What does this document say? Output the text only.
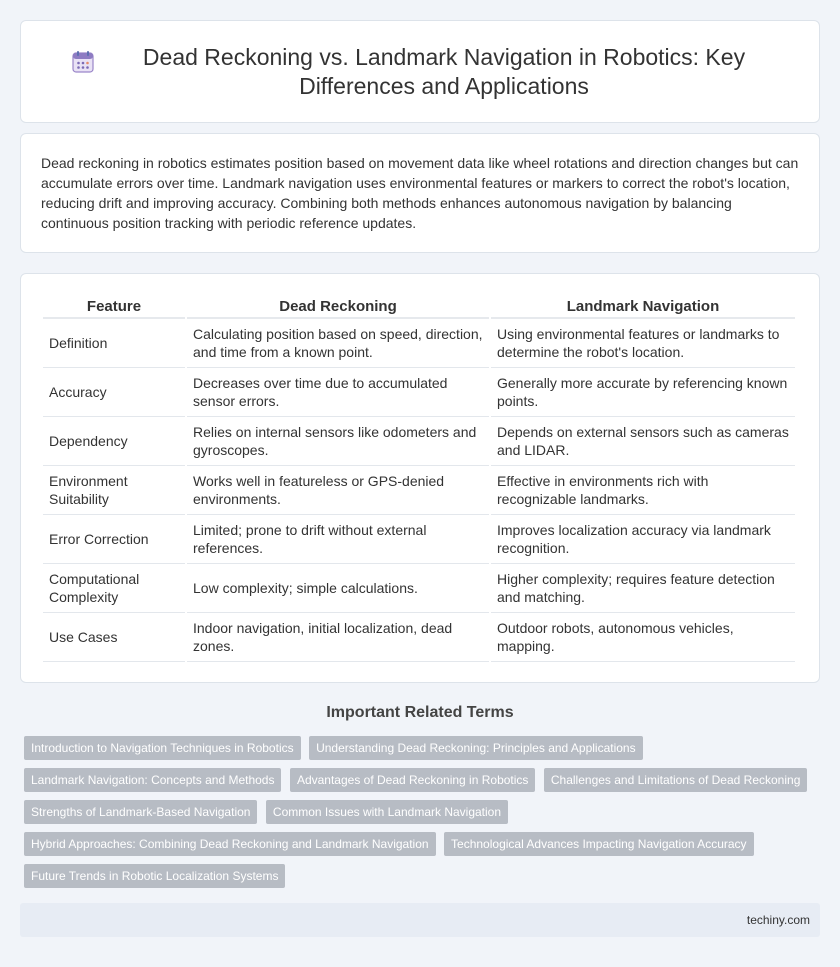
Dead Reckoning vs. Landmark Navigation in Robotics: Key Differences and Applications

Dead reckoning in robotics estimates position based on movement data like wheel rotations and direction changes but can accumulate errors over time. Landmark navigation uses environmental features or markers to correct the robot's location, reducing drift and improving accuracy. Combining both methods enhances autonomous navigation by balancing continuous position tracking with periodic reference updates.

Feature	Dead Reckoning	Landmark Navigation
Definition	Calculating position based on speed, direction, and time from a known point.	Using environmental features or landmarks to determine the robot's location.
Accuracy	Decreases over time due to accumulated sensor errors.	Generally more accurate by referencing known points.
Dependency	Relies on internal sensors like odometers and gyroscopes.	Depends on external sensors such as cameras and LIDAR.
Environment Suitability	Works well in featureless or GPS-denied environments.	Effective in environments rich with recognizable landmarks.
Error Correction	Limited; prone to drift without external references.	Improves localization accuracy via landmark recognition.
Computational Complexity	Low complexity; simple calculations.	Higher complexity; requires feature detection and matching.
Use Cases	Indoor navigation, initial localization, dead zones.	Outdoor robots, autonomous vehicles, mapping.
Important Related Terms
Introduction to Navigation Techniques in Robotics Understanding Dead Reckoning: Principles and Applications Landmark Navigation: Concepts and Methods Advantages of Dead Reckoning in Robotics Challenges and Limitations of Dead Reckoning Strengths of Landmark-Based Navigation Common Issues with Landmark Navigation Hybrid Approaches: Combining Dead Reckoning and Landmark Navigation Technological Advances Impacting Navigation Accuracy Future Trends in Robotic Localization Systems
techiny.com
